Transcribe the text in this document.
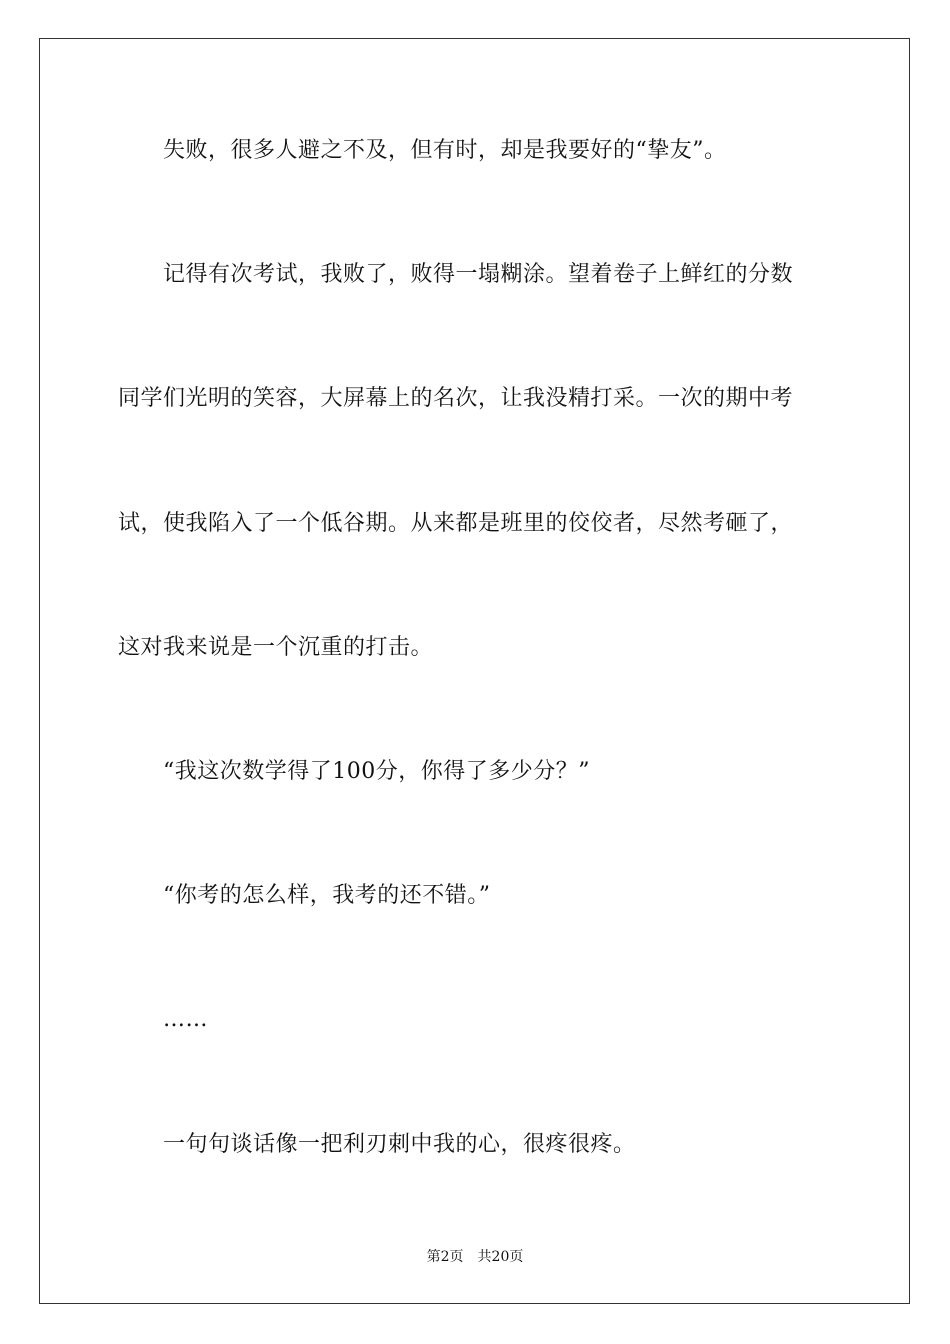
失败，很多人避之不及，但有时，却是我要好的“挚友”。
记得有次考试，我败了，败得一塌糊涂。望着卷子上鲜红的分数
同学们光明的笑容，大屏幕上的名次，让我没精打采。一次的期中考
试，使我陷入了一个低谷期。从来都是班里的佼佼者，尽然考砸了，
这对我来说是一个沉重的打击。
“我这次数学得了100分，你得了多少分？”
“你考的怎么样，我考的还不错。”
……
一句句谈话像一把利刃刺中我的心，很疼很疼。
第2页 共20页
